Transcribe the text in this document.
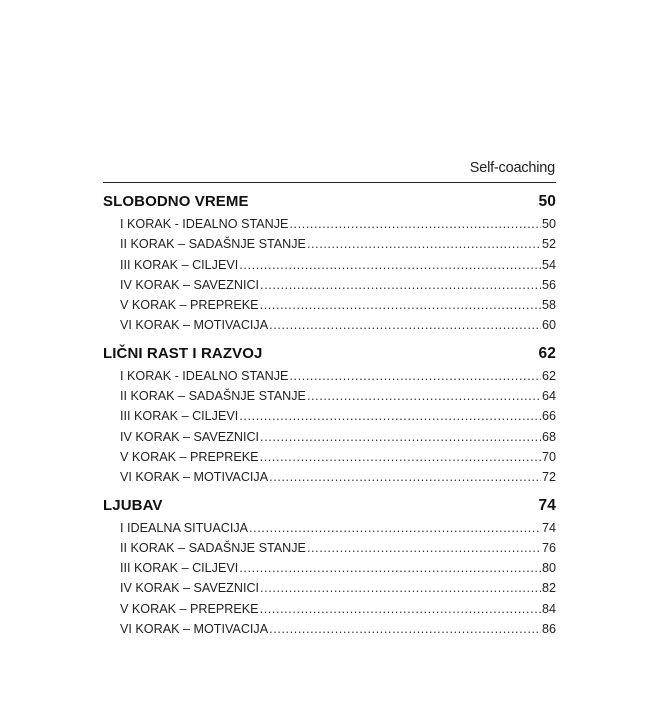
Self-coaching
SLOBODNO VREME	50
I KORAK - IDEALNO STANJE .....	50
II KORAK – SADAŠNJE STANJE .....	52
III KORAK – CILJEVI .....	54
IV KORAK – SAVEZNICI .....	56
V KORAK – PREPREKE .....	58
VI KORAK – MOTIVACIJA .....	60
LIČNI RAST I RAZVOJ	62
I KORAK - IDEALNO STANJE .....	62
II KORAK – SADAŠNJE STANJE .....	64
III KORAK – CILJEVI .....	66
IV KORAK – SAVEZNICI .....	68
V KORAK – PREPREKE .....	70
VI KORAK – MOTIVACIJA .....	72
LJUBAV	74
I IDEALNA SITUACIJA .....	74
II KORAK – SADAŠNJE STANJE .....	76
III KORAK – CILJEVI .....	80
IV KORAK – SAVEZNICI .....	82
V KORAK – PREPREKE .....	84
VI KORAK – MOTIVACIJA .....	86
